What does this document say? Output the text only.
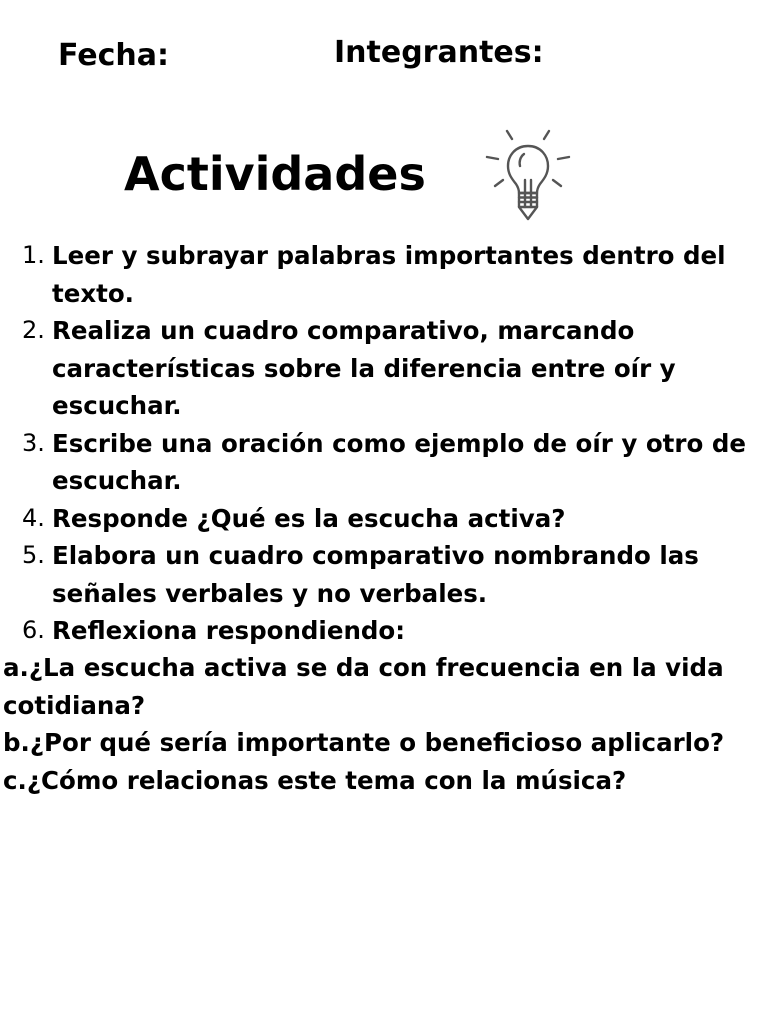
Fecha:	Integrantes:
Actividades
1. Leer y subrayar palabras importantes dentro del texto.
2. Realiza un cuadro comparativo, marcando características sobre la diferencia entre oír y escuchar.
3. Escribe una oración como ejemplo de oír y otro de escuchar.
4. Responde ¿Qué es la escucha activa?
5. Elabora un cuadro comparativo nombrando las señales verbales y no verbales.
6. Reflexiona respondiendo:
a.¿La escucha activa se da con frecuencia en la vida cotidiana?
b.¿Por qué sería importante o beneficioso aplicarlo?
c.¿Cómo relacionas este tema con la música?
